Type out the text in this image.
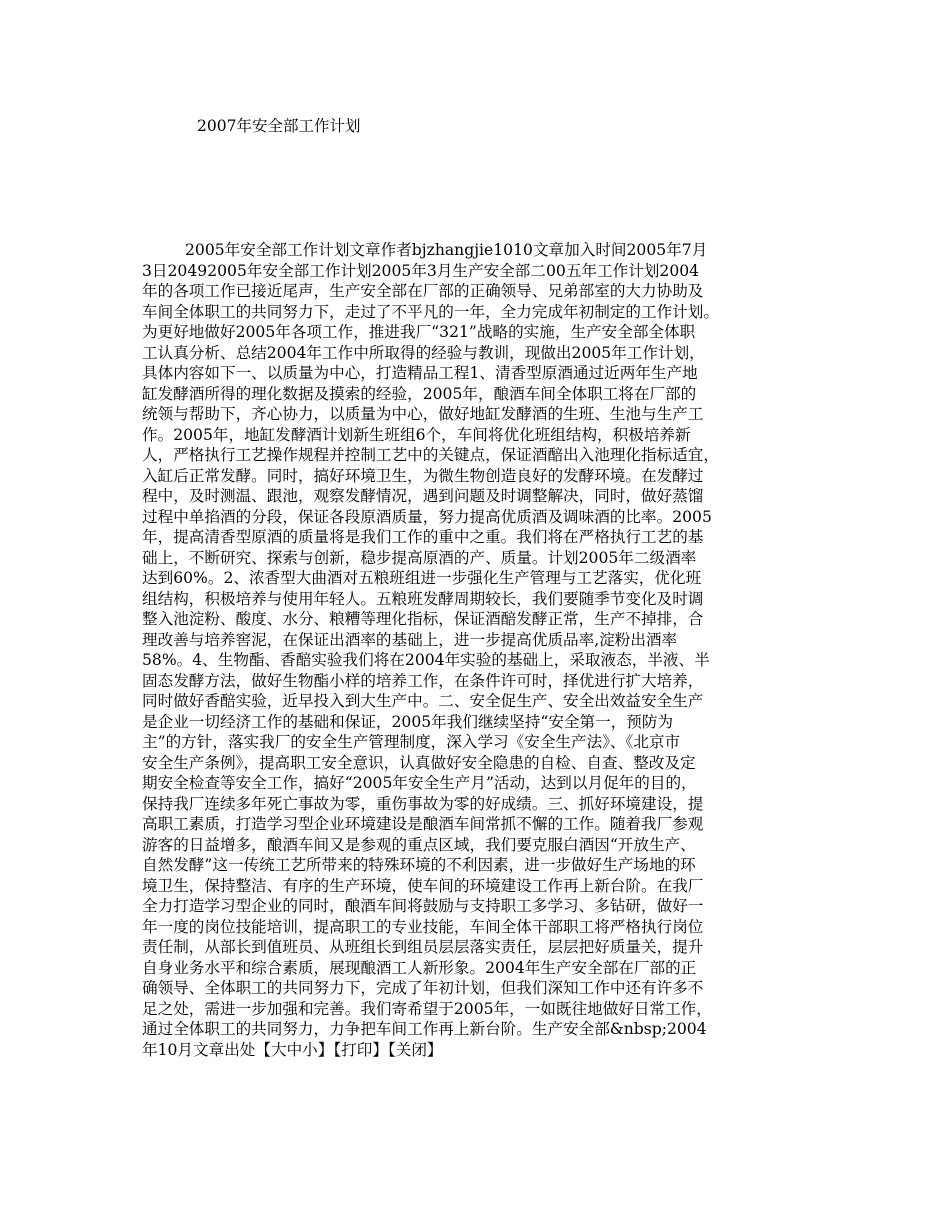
2007年安全部工作计划
2005年安全部工作计划文章作者bjzhangjie1010文章加入时间2005年7月
3日20492005年安全部工作计划2005年3月生产安全部二00五年工作计划2004
年的各项工作已接近尾声，生产安全部在厂部的正确领导、兄弟部室的大力协助及
车间全体职工的共同努力下，走过了不平凡的一年，全力完成年初制定的工作计划。
为更好地做好2005年各项工作，推进我厂“321”战略的实施，生产安全部全体职
工认真分析、总结2004年工作中所取得的经验与教训，现做出2005年工作计划，
具体内容如下一、以质量为中心，打造精品工程1、清香型原酒通过近两年生产地
缸发酵酒所得的理化数据及摸索的经验，2005年，酿酒车间全体职工将在厂部的
统领与帮助下，齐心协力，以质量为中心，做好地缸发酵酒的生班、生池与生产工
作。2005年，地缸发酵酒计划新生班组6个，车间将优化班组结构，积极培养新
人，严格执行工艺操作规程并控制工艺中的关键点，保证酒醅出入池理化指标适宜，
入缸后正常发酵。同时，搞好环境卫生，为微生物创造良好的发酵环境。在发酵过
程中，及时测温、跟池，观察发酵情况，遇到问题及时调整解决，同时，做好蒸馏
过程中单掐酒的分段，保证各段原酒质量，努力提高优质酒及调味酒的比率。2005
年，提高清香型原酒的质量将是我们工作的重中之重。我们将在严格执行工艺的基
础上，不断研究、探索与创新，稳步提高原酒的产、质量。计划2005年二级酒率
达到60%。2、浓香型大曲酒对五粮班组进一步强化生产管理与工艺落实，优化班
组结构，积极培养与使用年轻人。五粮班发酵周期较长，我们要随季节变化及时调
整入池淀粉、酸度、水分、粮糟等理化指标，保证酒醅发酵正常，生产不掉排，合
理改善与培养窖泥，在保证出酒率的基础上，进一步提高优质品率,淀粉出酒率
58%。4、生物酯、香醅实验我们将在2004年实验的基础上，采取液态，半液、半
固态发酵方法，做好生物酯小样的培养工作，在条件许可时，择优进行扩大培养，
同时做好香醅实验，近早投入到大生产中。二、安全促生产、安全出效益安全生产
是企业一切经济工作的基础和保证，2005年我们继续坚持“安全第一，预防为
主”的方针，落实我厂的安全生产管理制度，深入学习《安全生产法》、《北京市
安全生产条例》，提高职工安全意识，认真做好安全隐患的自检、自查、整改及定
期安全检查等安全工作，搞好“2005年安全生产月”活动，达到以月促年的目的，
保持我厂连续多年死亡事故为零，重伤事故为零的好成绩。三、抓好环境建设，提
高职工素质，打造学习型企业环境建设是酿酒车间常抓不懈的工作。随着我厂参观
游客的日益增多，酿酒车间又是参观的重点区域，我们要克服白酒因“开放生产、
自然发酵”这一传统工艺所带来的特殊环境的不利因素，进一步做好生产场地的环
境卫生，保持整洁、有序的生产环境，使车间的环境建设工作再上新台阶。在我厂
全力打造学习型企业的同时，酿酒车间将鼓励与支持职工多学习、多钻研，做好一
年一度的岗位技能培训，提高职工的专业技能，车间全体干部职工将严格执行岗位
责任制，从部长到值班员、从班组长到组员层层落实责任，层层把好质量关，提升
自身业务水平和综合素质，展现酿酒工人新形象。2004年生产安全部在厂部的正
确领导、全体职工的共同努力下，完成了年初计划，但我们深知工作中还有许多不
足之处，需进一步加强和完善。我们寄希望于2005年，一如既往地做好日常工作，
通过全体职工的共同努力，力争把车间工作再上新台阶。生产安全部&nbsp;2004
年10月文章出处【大中小】【打印】【关闭】
